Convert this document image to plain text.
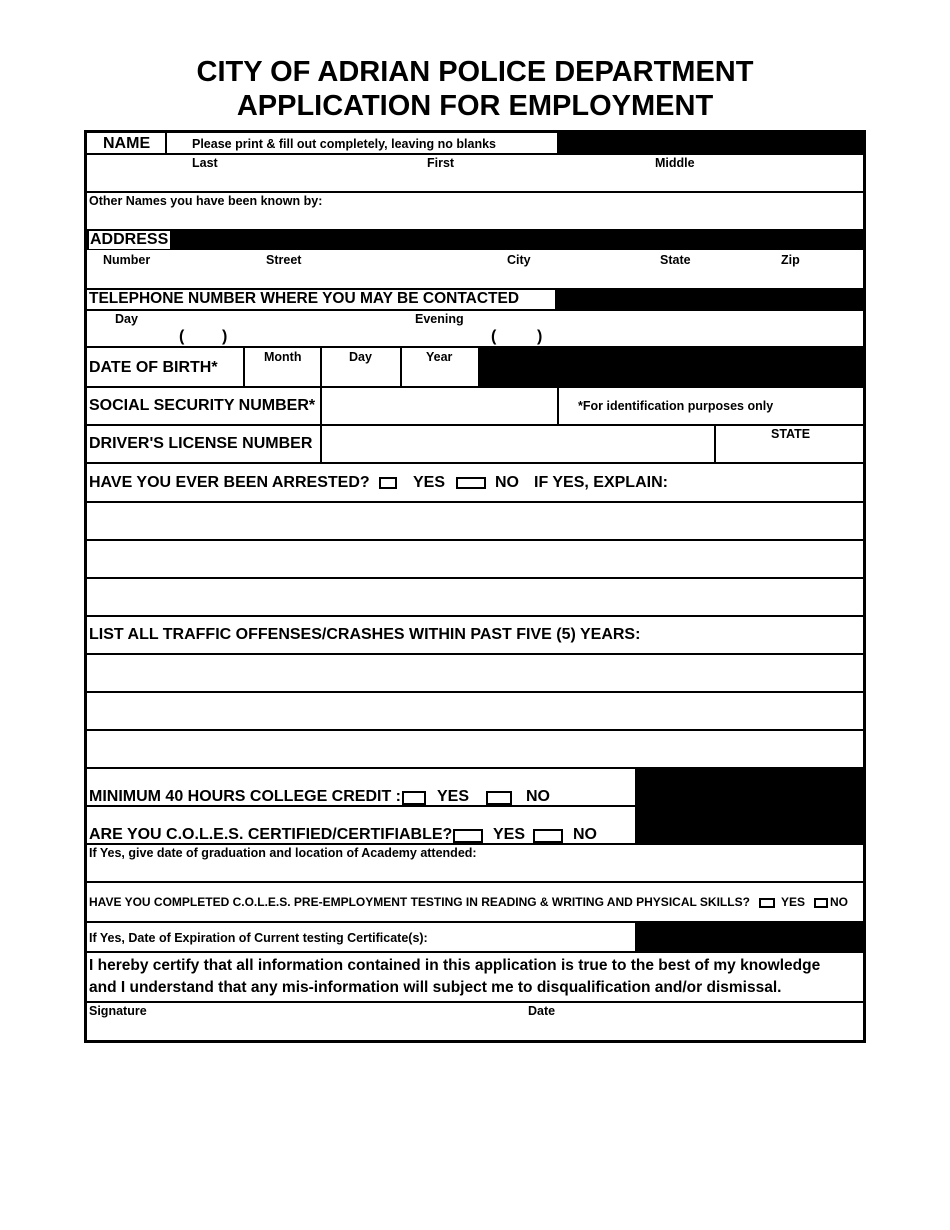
CITY OF ADRIAN POLICE DEPARTMENT
APPLICATION FOR EMPLOYMENT
NAME	Please print & fill out completely, leaving no blanks
Last	First	Middle
Other Names you have been known by:
ADDRESS
Number	Street	City	State	Zip
TELEPHONE NUMBER WHERE YOU MAY BE CONTACTED
Day	Evening
( )	(	)
DATE OF BIRTH*
Month	Day	Year
SOCIAL SECURITY NUMBER*	*For identification purposes only
DRIVER'S LICENSE NUMBER
STATE
HAVE YOU EVER BEEN ARRESTED?	YES	NO IF YES, EXPLAIN:
LIST ALL TRAFFIC OFFENSES/CRASHES WITHIN PAST FIVE (5) YEARS:
MINIMUM 40 HOURS COLLEGE CREDIT : YES	NO
ARE YOU C.O.L.E.S. CERTIFIED/CERTIFIABLE?	YES	NO
If Yes, give date of graduation and location of Academy attended:
HAVE YOU COMPLETED C.O.L.E.S. PRE-EMPLOYMENT TESTING IN READING & WRITING AND PHYSICAL SKILLS?	YES NO
If Yes, Date of Expiration of Current testing Certificate(s):
I hereby certify that all information contained in this application is true to the best of my knowledge
and I understand that any mis-information will subject me to disqualification and/or dismissal.
Signature	Date
